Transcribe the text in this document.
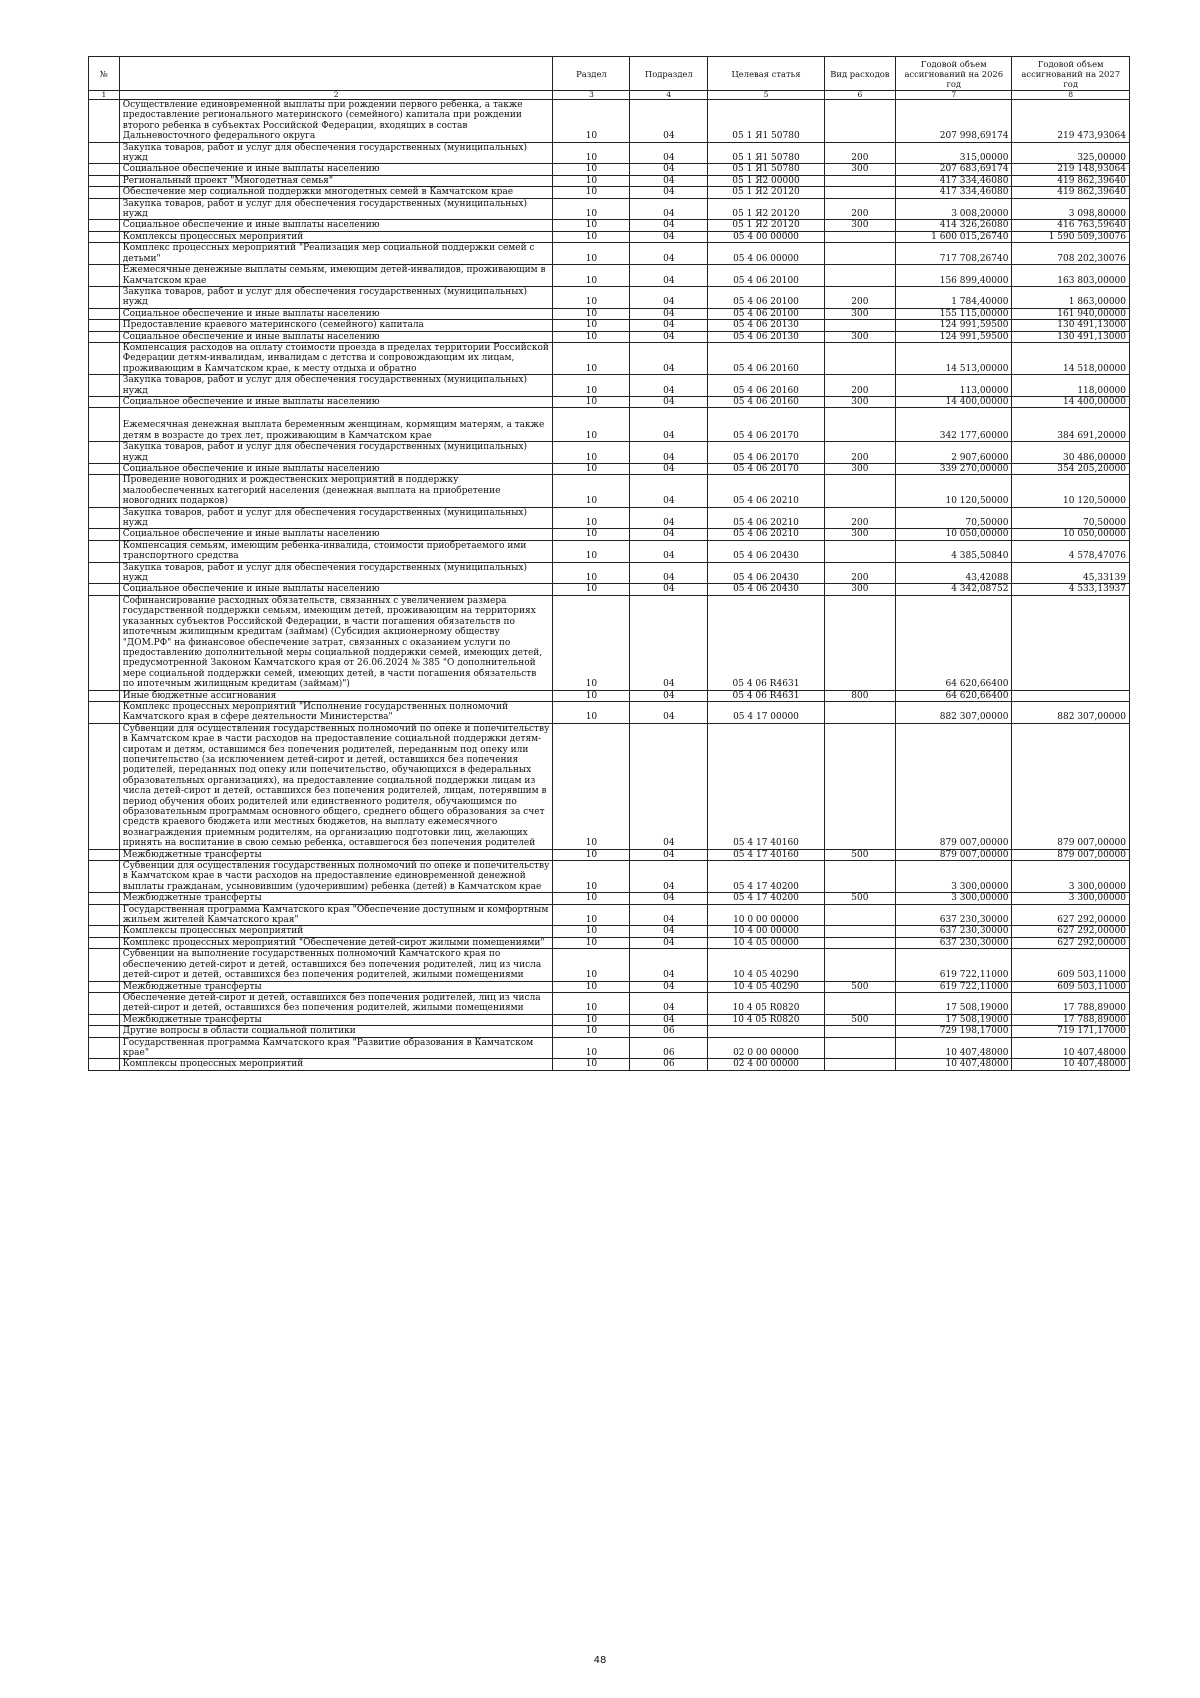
№		Раздел	Подраздел	Целевая статья	Вид расходов	Годовой объем ассигнований на 2026 год	Годовой объем ассигнований на 2027 год
1	2	3	4	5	6	7	8
	Осуществление единовременной выплаты при рождении первого ребенка, а также предоставление регионального материнского (семейного) капитала при рождении второго ребенка в субъектах Российской Федерации, входящих в состав Дальневосточного федерального округа	10	04	05 1 Я1 50780		207 998,69174	219 473,93064
	Закупка товаров, работ и услуг для обеспечения государственных (муниципальных) нужд	10	04	05 1 Я1 50780	200	315,00000	325,00000
	Социальное обеспечение и иные выплаты населению	10	04	05 1 Я1 50780	300	207 683,69174	219 148,93064
	Региональный проект "Многодетная семья"	10	04	05 1 Я2 00000		417 334,46080	419 862,39640
	Обеспечение мер социальной поддержки многодетных семей в Камчатском крае	10	04	05 1 Я2 20120		417 334,46080	419 862,39640
	Закупка товаров, работ и услуг для обеспечения государственных (муниципальных) нужд	10	04	05 1 Я2 20120	200	3 008,20000	3 098,80000
	Социальное обеспечение и иные выплаты населению	10	04	05 1 Я2 20120	300	414 326,26080	416 763,59640
	Комплексы процессных мероприятий	10	04	05 4 00 00000		1 600 015,26740	1 590 509,30076
	Комплекс процессных мероприятий "Реализация мер социальной поддержки семей с детьми"	10	04	05 4 06 00000		717 708,26740	708 202,30076
	Ежемесячные денежные выплаты семьям, имеющим детей-инвалидов, проживающим в Камчатском крае	10	04	05 4 06 20100		156 899,40000	163 803,00000
	Закупка товаров, работ и услуг для обеспечения государственных (муниципальных) нужд	10	04	05 4 06 20100	200	1 784,40000	1 863,00000
	Социальное обеспечение и иные выплаты населению	10	04	05 4 06 20100	300	155 115,00000	161 940,00000
	Предоставление краевого материнского (семейного) капитала	10	04	05 4 06 20130		124 991,59500	130 491,13000
	Социальное обеспечение и иные выплаты населению	10	04	05 4 06 20130	300	124 991,59500	130 491,13000
	Компенсация расходов на оплату стоимости проезда в пределах территории Российской Федерации детям-инвалидам, инвалидам с детства и сопровождающим их лицам, проживающим в Камчатском крае, к месту отдыха и обратно	10	04	05 4 06 20160		14 513,00000	14 518,00000
	Закупка товаров, работ и услуг для обеспечения государственных (муниципальных) нужд	10	04	05 4 06 20160	200	113,00000	118,00000
	Социальное обеспечение и иные выплаты населению	10	04	05 4 06 20160	300	14 400,00000	14 400,00000
	Ежемесячная денежная выплата беременным женщинам, кормящим матерям, а также детям в возрасте до трех лет, проживающим в Камчатском крае	10	04	05 4 06 20170		342 177,60000	384 691,20000
	Закупка товаров, работ и услуг для обеспечения государственных (муниципальных) нужд	10	04	05 4 06 20170	200	2 907,60000	30 486,00000
	Социальное обеспечение и иные выплаты населению	10	04	05 4 06 20170	300	339 270,00000	354 205,20000
	Проведение новогодних и рождественских мероприятий в поддержку малообеспеченных категорий населения (денежная выплата на приобретение новогодних подарков)	10	04	05 4 06 20210		10 120,50000	10 120,50000
	Закупка товаров, работ и услуг для обеспечения государственных (муниципальных) нужд	10	04	05 4 06 20210	200	70,50000	70,50000
	Социальное обеспечение и иные выплаты населению	10	04	05 4 06 20210	300	10 050,00000	10 050,00000
	Компенсация семьям, имеющим ребенка-инвалида, стоимости приобретаемого ими транспортного средства	10	04	05 4 06 20430		4 385,50840	4 578,47076
	Закупка товаров, работ и услуг для обеспечения государственных (муниципальных) нужд	10	04	05 4 06 20430	200	43,42088	45,33139
	Социальное обеспечение и иные выплаты населению	10	04	05 4 06 20430	300	4 342,08752	4 533,13937
	Софинансирование расходных обязательств, связанных с увеличением размера государственной поддержки семьям, имеющим детей, проживающим на территориях указанных субъектов Российской Федерации, в части погашения обязательств по ипотечным жилищным кредитам (займам) (Субсидия акционерному обществу "ДОМ.РФ" на финансовое обеспечение затрат, связанных с оказанием услуги по предоставлению дополнительной меры социальной поддержки семей, имеющих детей, предусмотренной Законом Камчатского края от 26.06.2024 № 385 "О дополнительной мере социальной поддержки семей, имеющих детей, в части погашения обязательств по ипотечным жилищным кредитам (займам)")	10	04	05 4 06 R4631		64 620,66400	
	Иные бюджетные ассигнования	10	04	05 4 06 R4631	800	64 620,66400	
	Комплекс процессных мероприятий "Исполнение государственных полномочий Камчатского края в сфере деятельности Министерства"	10	04	05 4 17 00000		882 307,00000	882 307,00000
	Субвенции для осуществления государственных полномочий по опеке и попечительству в Камчатском крае в части расходов на предоставление социальной поддержки детям-сиротам и детям, оставшимся без попечения родителей, переданным под опеку или попечительство (за исключением детей-сирот и детей, оставшихся без попечения родителей, переданных под опеку или попечительство, обучающихся в федеральных образовательных организациях), на предоставление социальной поддержки лицам из числа детей-сирот и детей, оставшихся без попечения родителей, лицам, потерявшим в период обучения обоих родителей или единственного родителя, обучающимся по образовательным программам основного общего, среднего общего образования за счет средств краевого бюджета или местных бюджетов, на выплату ежемесячного вознаграждения приемным родителям, на организацию подготовки лиц, желающих принять на воспитание в свою семью ребенка, оставшегося без попечения родителей	10	04	05 4 17 40160		879 007,00000	879 007,00000
	Межбюджетные трансферты	10	04	05 4 17 40160	500	879 007,00000	879 007,00000
	Субвенции для осуществления государственных полномочий по опеке и попечительству в Камчатском крае в части расходов на предоставление единовременной денежной выплаты гражданам, усыновившим (удочерившим) ребенка (детей) в Камчатском крае	10	04	05 4 17 40200		3 300,00000	3 300,00000
	Межбюджетные трансферты	10	04	05 4 17 40200	500	3 300,00000	3 300,00000
	Государственная программа Камчатского края "Обеспечение доступным и комфортным жильем жителей Камчатского края"	10	04	10 0 00 00000		637 230,30000	627 292,00000
	Комплексы процессных мероприятий	10	04	10 4 00 00000		637 230,30000	627 292,00000
	Комплекс процессных мероприятий "Обеспечение детей-сирот жилыми помещениями"	10	04	10 4 05 00000		637 230,30000	627 292,00000
	Субвенции на выполнение государственных полномочий Камчатского края по обеспечению детей-сирот и детей, оставшихся без попечения родителей, лиц из числа детей-сирот и детей, оставшихся без попечения родителей, жилыми помещениями	10	04	10 4 05 40290		619 722,11000	609 503,11000
	Межбюджетные трансферты	10	04	10 4 05 40290	500	619 722,11000	609 503,11000
	Обеспечение детей-сирот и детей, оставшихся без попечения родителей, лиц из числа детей-сирот и детей, оставшихся без попечения родителей, жилыми помещениями	10	04	10 4 05 R0820		17 508,19000	17 788,89000
	Межбюджетные трансферты	10	04	10 4 05 R0820	500	17 508,19000	17 788,89000
	Другие вопросы в области социальной политики	10	06			729 198,17000	719 171,17000
	Государственная программа Камчатского края "Развитие образования в Камчатском крае"	10	06	02 0 00 00000		10 407,48000	10 407,48000
	Комплексы процессных мероприятий	10	06	02 4 00 00000		10 407,48000	10 407,48000
48
